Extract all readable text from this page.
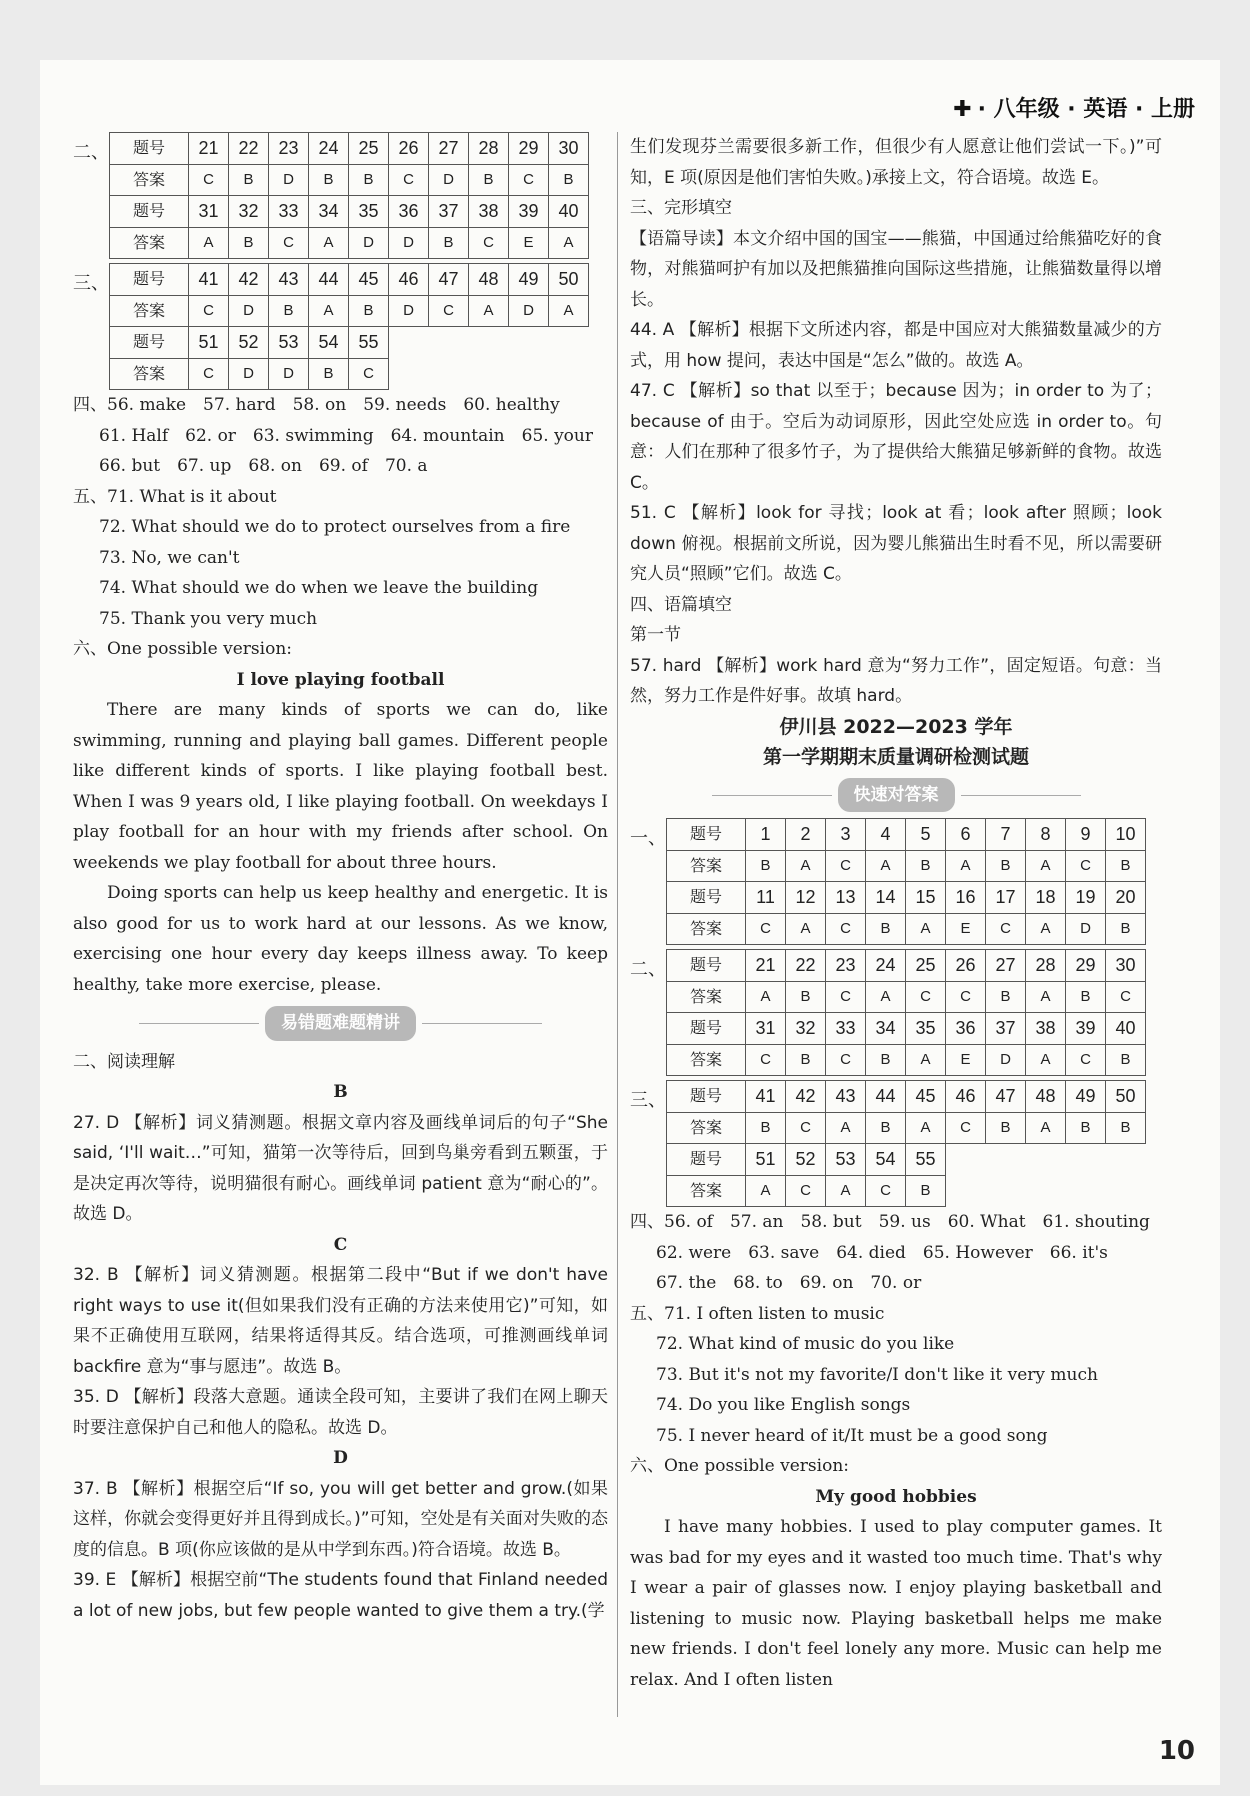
✚ · 八年级 · 英语 · 上册
二、 题号	21	22	23	24	25	26	27	28	29	30
答案	C	B	D	B	B	C	D	B	C	B
题号	31	32	33	34	35	36	37	38	39	40
答案	A	B	C	A	D	D	B	C	E	A
三、 题号	41	42	43	44	45	46	47	48	49	50
答案	C	D	B	A	B	D	C	A	D	A
题号	51	52	53	54	55					
答案	C	D	D	B	C					
四、56. make　57. hard　58. on　59. needs　60. healthy
61. Half　62. or　63. swimming　64. mountain　65. your
66. but　67. up　68. on　69. of　70. a
五、71. What is it about
72. What should we do to protect ourselves from a fire
73. No, we can't
74. What should we do when we leave the building
75. Thank you very much
六、One possible version:
I love playing football
There are many kinds of sports we can do, like swimming, running and playing ball games. Different people like different kinds of sports. I like playing football best. When I was 9 years old, I like playing football. On weekdays I play football for an hour with my friends after school. On weekends we play football for about three hours.
Doing sports can help us keep healthy and energetic. It is also good for us to work hard at our lessons. As we know, exercising one hour every day keeps illness away. To keep healthy, take more exercise, please.
易错题难题精讲
二、阅读理解
B
27. D 【解析】词义猜测题。根据文章内容及画线单词后的句子“She said, ‘I'll wait…”可知，猫第一次等待后，回到鸟巢旁看到五颗蛋，于是决定再次等待，说明猫很有耐心。画线单词 patient 意为“耐心的”。故选 D。
C
32. B 【解析】词义猜测题。根据第二段中“But if we don't have right ways to use it(但如果我们没有正确的方法来使用它)”可知，如果不正确使用互联网，结果将适得其反。结合选项，可推测画线单词 backfire 意为“事与愿违”。故选 B。
35. D 【解析】段落大意题。通读全段可知，主要讲了我们在网上聊天时要注意保护自己和他人的隐私。故选 D。
D
37. B 【解析】根据空后“If so, you will get better and grow.(如果这样，你就会变得更好并且得到成长。)”可知，空处是有关面对失败的态度的信息。B 项(你应该做的是从中学到东西。)符合语境。故选 B。
39. E 【解析】根据空前“The students found that Finland needed a lot of new jobs, but few people wanted to give them a try.(学
生们发现芬兰需要很多新工作，但很少有人愿意让他们尝试一下。)”可知，E 项(原因是他们害怕失败。)承接上文，符合语境。故选 E。
三、完形填空
【语篇导读】本文介绍中国的国宝——熊猫，中国通过给熊猫吃好的食物，对熊猫呵护有加以及把熊猫推向国际这些措施，让熊猫数量得以增长。
44. A 【解析】根据下文所述内容，都是中国应对大熊猫数量减少的方式，用 how 提问，表达中国是“怎么”做的。故选 A。
47. C 【解析】so that 以至于；because 因为；in order to 为了；because of 由于。空后为动词原形，因此空处应选 in order to。句意：人们在那种了很多竹子，为了提供给大熊猫足够新鲜的食物。故选 C。
51. C 【解析】look for 寻找；look at 看；look after 照顾；look down 俯视。根据前文所说，因为婴儿熊猫出生时看不见，所以需要研究人员“照顾”它们。故选 C。
四、语篇填空
第一节
57. hard 【解析】work hard 意为“努力工作”，固定短语。句意：当然，努力工作是件好事。故填 hard。
伊川县 2022—2023 学年
第一学期期末质量调研检测试题
快速对答案
一、 题号	1	2	3	4	5	6	7	8	9	10
答案	B	A	C	A	B	A	B	A	C	B
题号	11	12	13	14	15	16	17	18	19	20
答案	C	A	C	B	A	E	C	A	D	B
二、 题号	21	22	23	24	25	26	27	28	29	30
答案	A	B	C	A	C	C	B	A	B	C
题号	31	32	33	34	35	36	37	38	39	40
答案	C	B	C	B	A	E	D	A	C	B
三、 题号	41	42	43	44	45	46	47	48	49	50
答案	B	C	A	B	A	C	B	A	B	B
题号	51	52	53	54	55					
答案	A	C	A	C	B					
四、56. of　57. an　58. but　59. us　60. What　61. shouting
62. were　63. save　64. died　65. However　66. it's
67. the　68. to　69. on　70. or
五、71. I often listen to music
72. What kind of music do you like
73. But it's not my favorite/I don't like it very much
74. Do you like English songs
75. I never heard of it/It must be a good song
六、One possible version:
My good hobbies
I have many hobbies. I used to play computer games. It was bad for my eyes and it wasted too much time. That's why I wear a pair of glasses now. I enjoy playing basketball and listening to music now. Playing basketball helps me make new friends. I don't feel lonely any more. Music can help me relax. And I often listen
10
